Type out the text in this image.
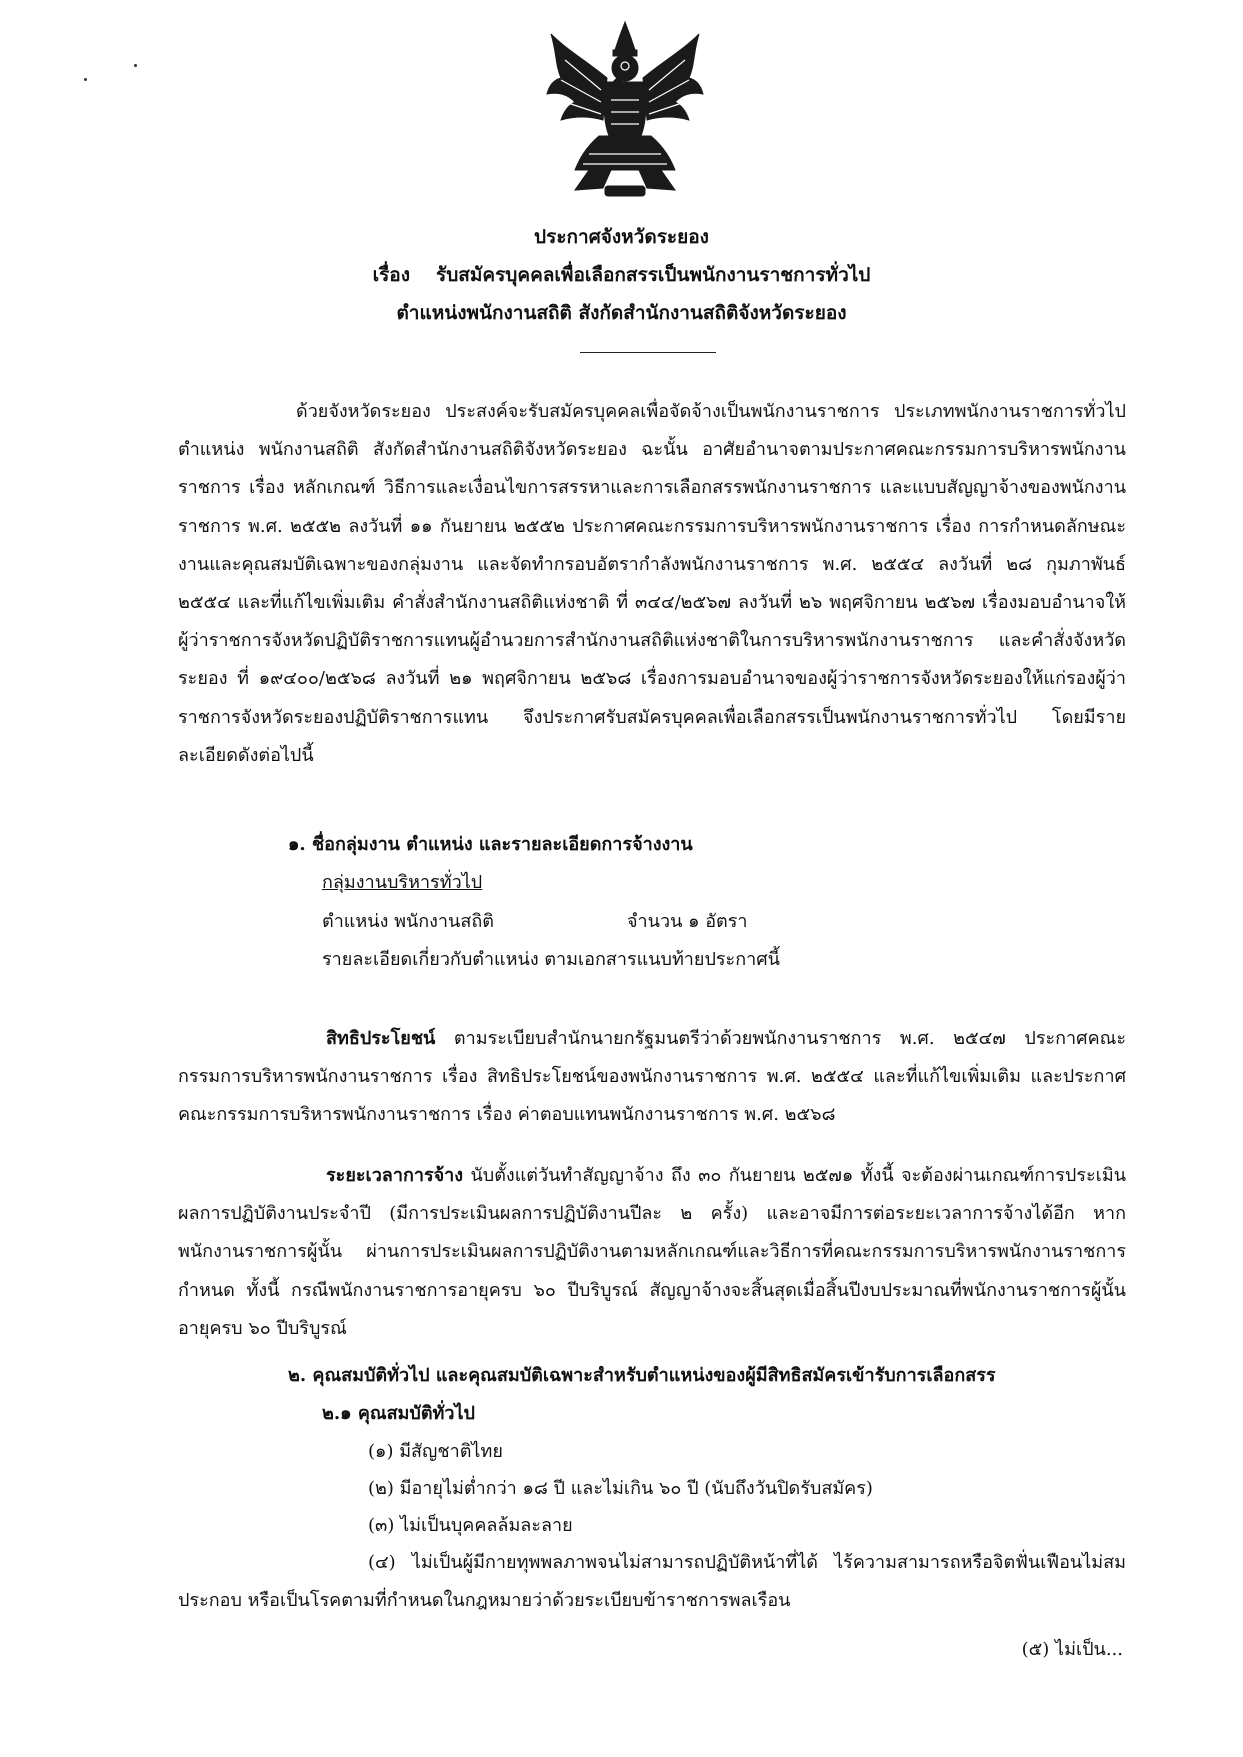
ประกาศจังหวัดระยอง
เรื่อง รับสมัครบุคคลเพื่อเลือกสรรเป็นพนักงานราชการทั่วไป
ตำแหน่งพนักงานสถิติ สังกัดสำนักงานสถิติจังหวัดระยอง
ด้วยจังหวัดระยอง ประสงค์จะรับสมัครบุคคลเพื่อจัดจ้างเป็นพนักงานราชการ ประเภทพนักงานราชการทั่วไป ตำแหน่ง พนักงานสถิติ สังกัดสำนักงานสถิติจังหวัดระยอง ฉะนั้น อาศัยอำนาจตามประกาศคณะกรรมการบริหารพนักงานราชการ เรื่อง หลักเกณฑ์ วิธีการและเงื่อนไขการสรรหาและการเลือกสรรพนักงานราชการ และแบบสัญญาจ้างของพนักงานราชการ พ.ศ. ๒๕๕๒ ลงวันที่ ๑๑ กันยายน ๒๕๕๒ ประกาศคณะกรรมการบริหารพนักงานราชการ เรื่อง การกำหนดลักษณะงานและคุณสมบัติเฉพาะของกลุ่มงาน และจัดทำกรอบอัตรากำลังพนักงานราชการ พ.ศ. ๒๕๕๔ ลงวันที่ ๒๘ กุมภาพันธ์ ๒๕๕๔ และที่แก้ไขเพิ่มเติม คำสั่งสำนักงานสถิติแห่งชาติ ที่ ๓๔๔/๒๕๖๗ ลงวันที่ ๒๖ พฤศจิกายน ๒๕๖๗ เรื่องมอบอำนาจให้ผู้ว่าราชการจังหวัดปฏิบัติราชการแทนผู้อำนวยการสำนักงานสถิติแห่งชาติในการบริหารพนักงานราชการ และคำสั่งจังหวัดระยอง ที่ ๑๙๔๐๐/๒๕๖๘ ลงวันที่ ๒๑ พฤศจิกายน ๒๕๖๘ เรื่องการมอบอำนาจของผู้ว่าราชการจังหวัดระยองให้แก่รองผู้ว่าราชการจังหวัดระยองปฏิบัติราชการแทน จึงประกาศรับสมัครบุคคลเพื่อเลือกสรรเป็นพนักงานราชการทั่วไป โดยมีรายละเอียดดังต่อไปนี้
๑. ชื่อกลุ่มงาน ตำแหน่ง และรายละเอียดการจ้างงาน
กลุ่มงานบริหารทั่วไป
ตำแหน่ง พนักงานสถิติ	จำนวน ๑ อัตรา
รายละเอียดเกี่ยวกับตำแหน่ง ตามเอกสารแนบท้ายประกาศนี้
สิทธิประโยชน์ ตามระเบียบสำนักนายกรัฐมนตรีว่าด้วยพนักงานราชการ พ.ศ. ๒๕๔๗ ประกาศคณะกรรมการบริหารพนักงานราชการ เรื่อง สิทธิประโยชน์ของพนักงานราชการ พ.ศ. ๒๕๕๔ และที่แก้ไขเพิ่มเติม และประกาศคณะกรรมการบริหารพนักงานราชการ เรื่อง ค่าตอบแทนพนักงานราชการ พ.ศ. ๒๕๖๘
ระยะเวลาการจ้าง นับตั้งแต่วันทำสัญญาจ้าง ถึง ๓๐ กันยายน ๒๕๗๑ ทั้งนี้ จะต้องผ่านเกณฑ์การประเมินผลการปฏิบัติงานประจำปี (มีการประเมินผลการปฏิบัติงานปีละ ๒ ครั้ง) และอาจมีการต่อระยะเวลาการจ้างได้อีก หากพนักงานราชการผู้นั้น ผ่านการประเมินผลการปฏิบัติงานตามหลักเกณฑ์และวิธีการที่คณะกรรมการบริหารพนักงานราชการกำหนด ทั้งนี้ กรณีพนักงานราชการอายุครบ ๖๐ ปีบริบูรณ์ สัญญาจ้างจะสิ้นสุดเมื่อสิ้นปีงบประมาณที่พนักงานราชการผู้นั้น อายุครบ ๖๐ ปีบริบูรณ์
๒. คุณสมบัติทั่วไป และคุณสมบัติเฉพาะสำหรับตำแหน่งของผู้มีสิทธิสมัครเข้ารับการเลือกสรร
๒.๑ คุณสมบัติทั่วไป
(๑) มีสัญชาติไทย
(๒) มีอายุไม่ต่ำกว่า ๑๘ ปี และไม่เกิน ๖๐ ปี (นับถึงวันปิดรับสมัคร)
(๓) ไม่เป็นบุคคลล้มละลาย
(๔) ไม่เป็นผู้มีกายทุพพลภาพจนไม่สามารถปฏิบัติหน้าที่ได้ ไร้ความสามารถหรือจิตฟั่นเฟือนไม่สมประกอบ หรือเป็นโรคตามที่กำหนดในกฎหมายว่าด้วยระเบียบข้าราชการพลเรือน
(๕) ไม่เป็น...
